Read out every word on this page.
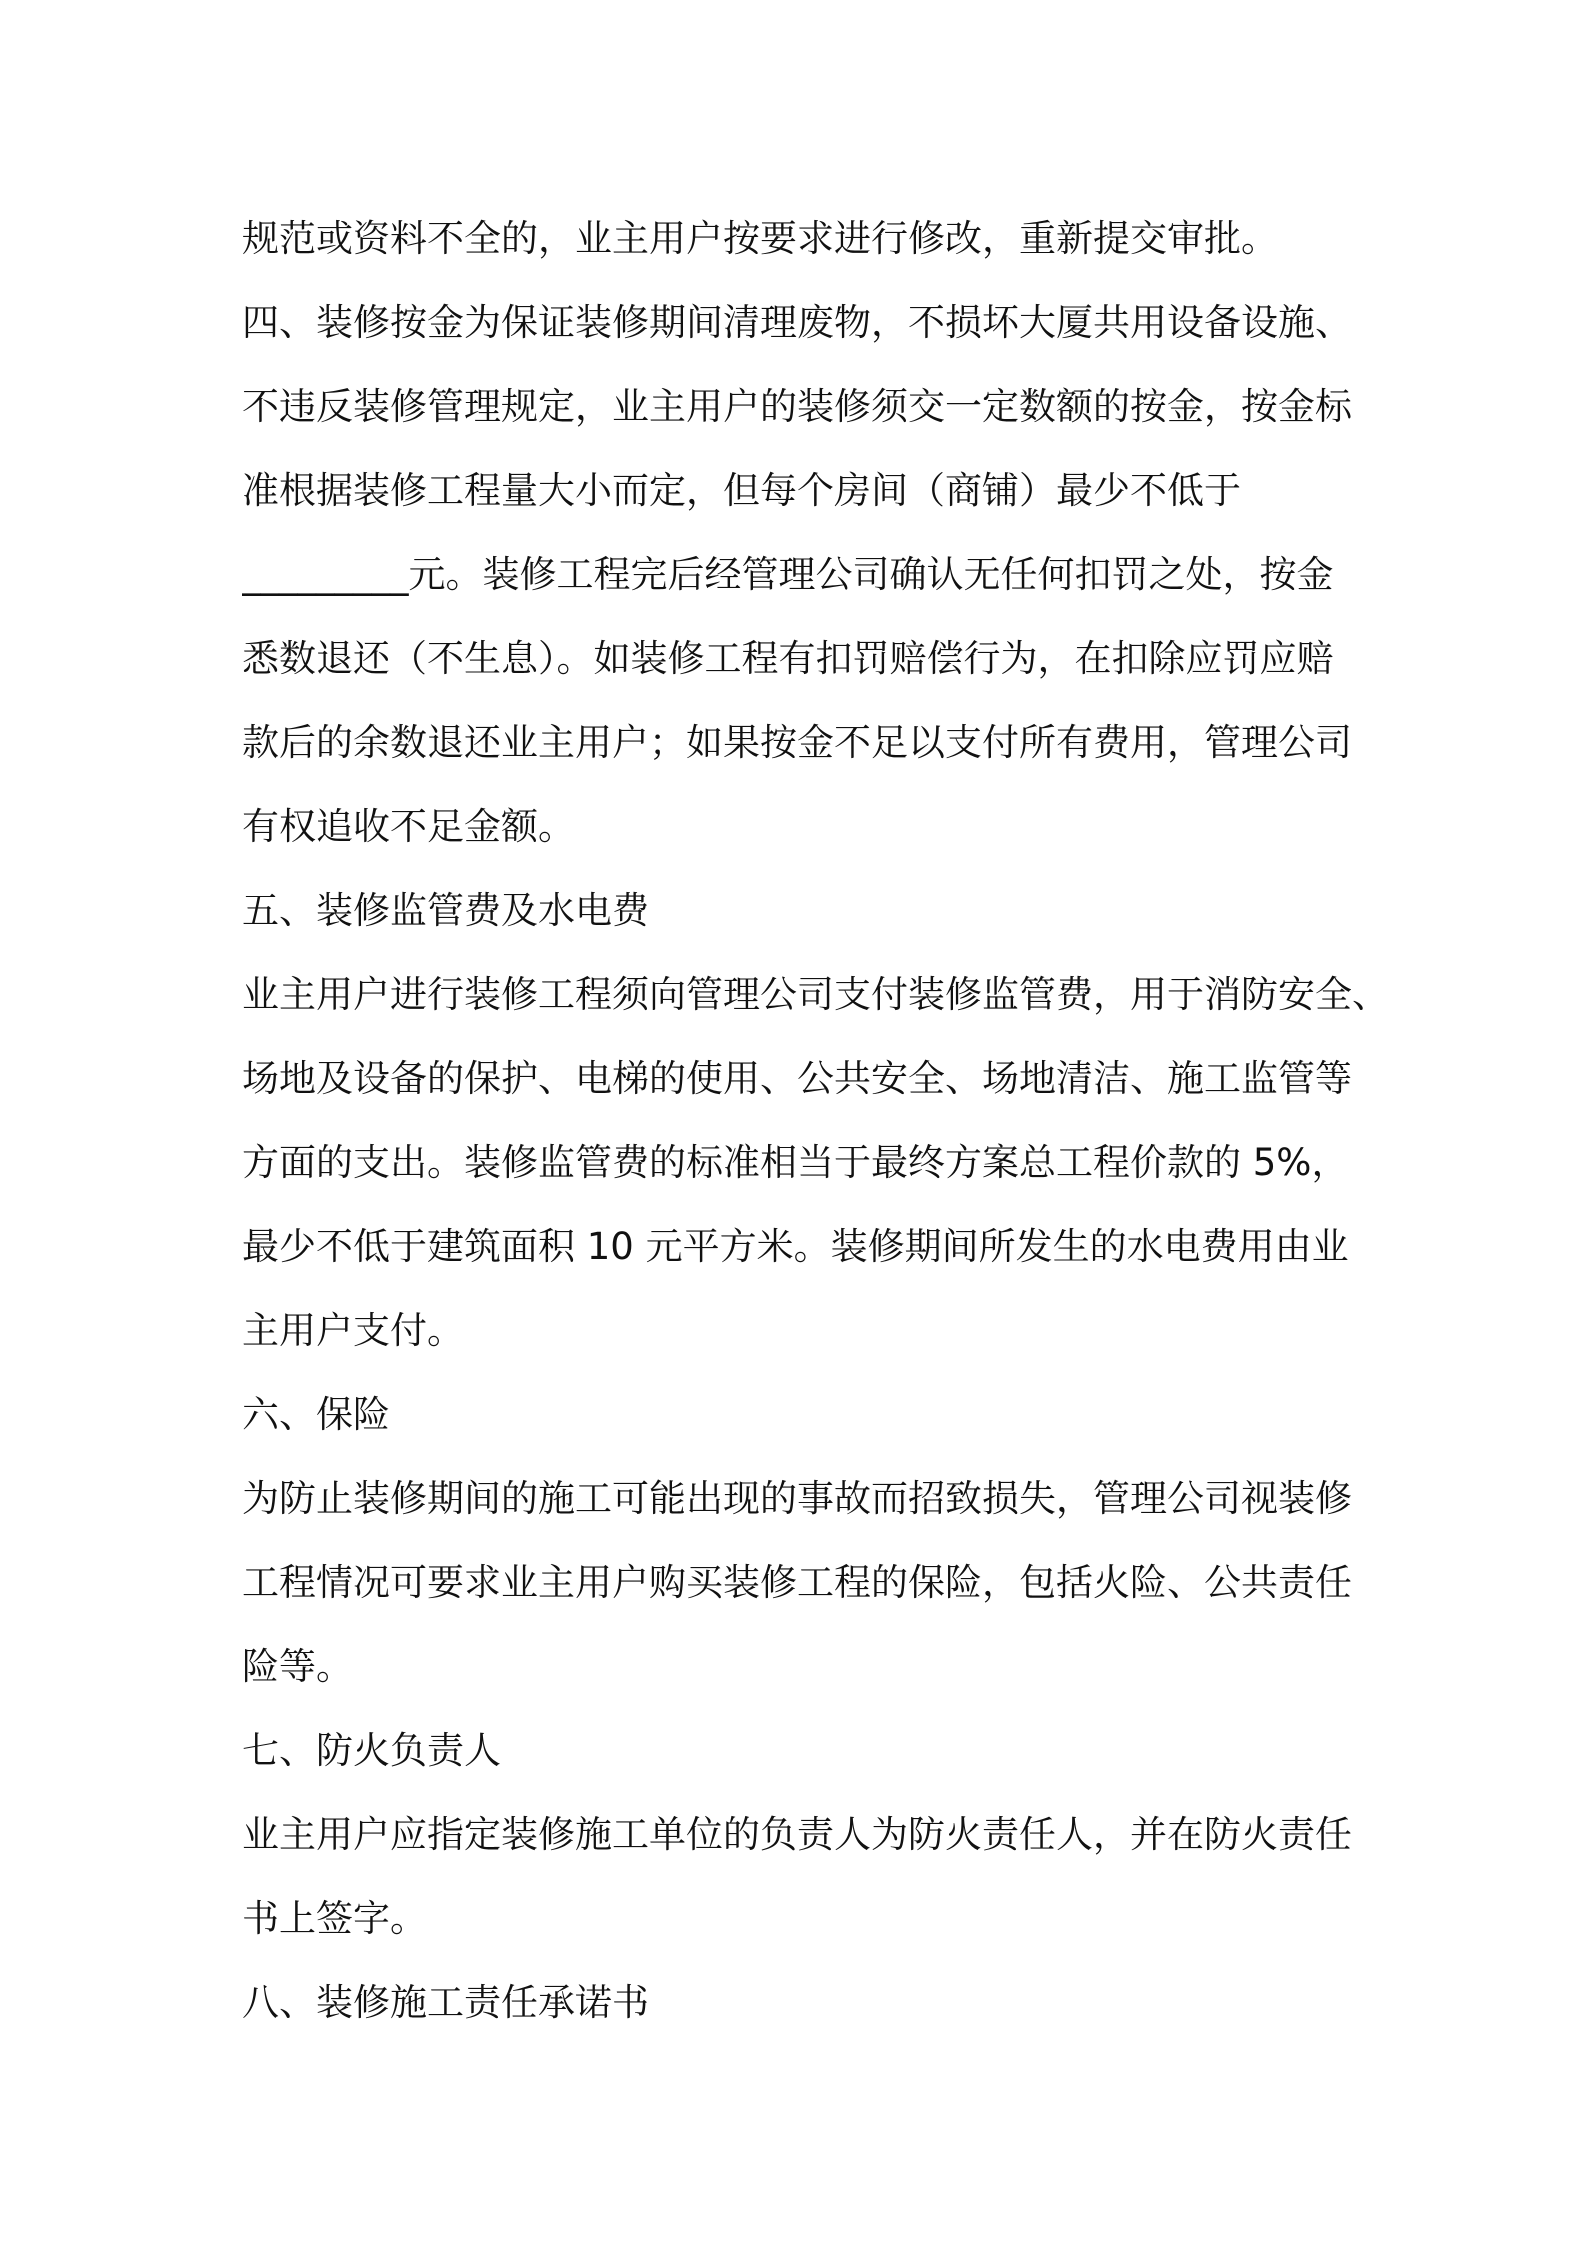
规范或资料不全的，业主用户按要求进行修改，重新提交审批。
四、装修按金为保证装修期间清理废物，不损坏大厦共用设备设施、
不违反装修管理规定，业主用户的装修须交一定数额的按金，按金标
准根据装修工程量大小而定，但每个房间（商铺）最少不低于
_________元。装修工程完后经管理公司确认无任何扣罚之处，按金
悉数退还（不生息）。如装修工程有扣罚赔偿行为，在扣除应罚应赔
款后的余数退还业主用户；如果按金不足以支付所有费用，管理公司
有权追收不足金额。
五、装修监管费及水电费
业主用户进行装修工程须向管理公司支付装修监管费，用于消防安全、
场地及设备的保护、电梯的使用、公共安全、场地清洁、施工监管等
方面的支出。装修监管费的标准相当于最终方案总工程价款的 5%，
最少不低于建筑面积 10 元平方米。装修期间所发生的水电费用由业
主用户支付。
六、保险
为防止装修期间的施工可能出现的事故而招致损失，管理公司视装修
工程情况可要求业主用户购买装修工程的保险，包括火险、公共责任
险等。
七、防火负责人
业主用户应指定装修施工单位的负责人为防火责任人，并在防火责任
书上签字。
八、装修施工责任承诺书
